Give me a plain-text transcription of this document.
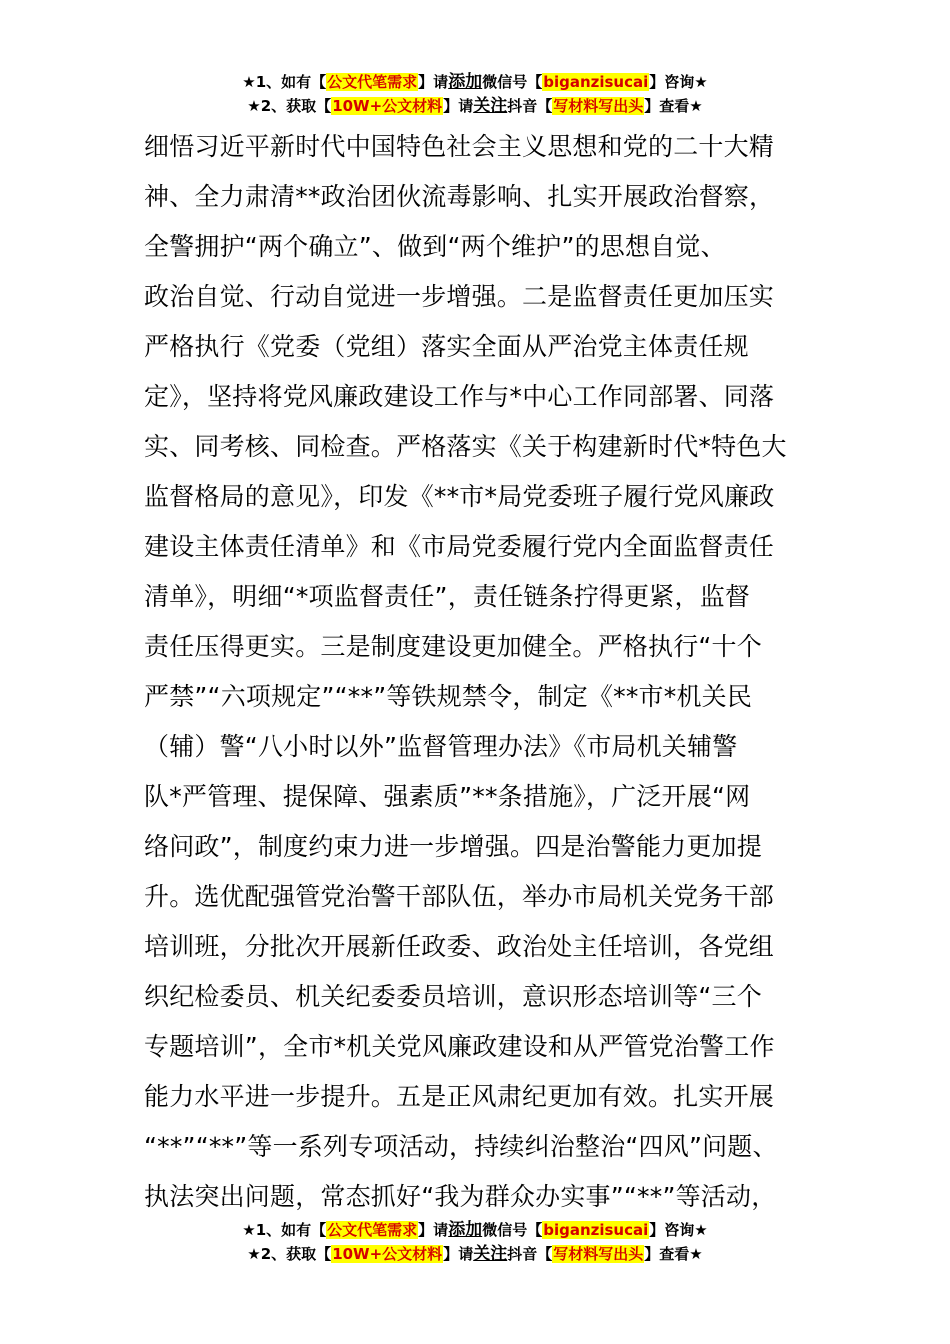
★1、如有【公文代笔需求】请添加微信号【biganzisucai】咨询★
★2、获取【10W+公文材料】请关注抖音【写材料写出头】查看★
细悟习近平新时代中国特色社会主义思想和党的二十大精
神、全力肃清**政治团伙流毒影响、扎实开展政治督察，
全警拥护“两个确立”、做到“两个维护”的思想自觉、
政治自觉、行动自觉进一步增强。二是监督责任更加压实
严格执行《党委（党组）落实全面从严治党主体责任规
定》，坚持将党风廉政建设工作与*中心工作同部署、同落
实、同考核、同检查。严格落实《关于构建新时代*特色大
监督格局的意见》，印发《**市*局党委班子履行党风廉政
建设主体责任清单》和《市局党委履行党内全面监督责任
清单》，明细“*项监督责任”，责任链条拧得更紧，监督
责任压得更实。三是制度建设更加健全。严格执行“十个
严禁”“六项规定”“**”等铁规禁令，制定《**市*机关民
（辅）警“八小时以外”监督管理办法》《市局机关辅警
队*严管理、提保障、强素质”**条措施》，广泛开展“网
络问政”，制度约束力进一步增强。四是治警能力更加提
升。选优配强管党治警干部队伍，举办市局机关党务干部
培训班，分批次开展新任政委、政治处主任培训，各党组
织纪检委员、机关纪委委员培训，意识形态培训等“三个
专题培训”，全市*机关党风廉政建设和从严管党治警工作
能力水平进一步提升。五是正风肃纪更加有效。扎实开展
“**”“**”等一系列专项活动，持续纠治整治“四风”问题、
执法突出问题，常态抓好“我为群众办实事”“**”等活动，
★1、如有【公文代笔需求】请添加微信号【biganzisucai】咨询★
★2、获取【10W+公文材料】请关注抖音【写材料写出头】查看★
